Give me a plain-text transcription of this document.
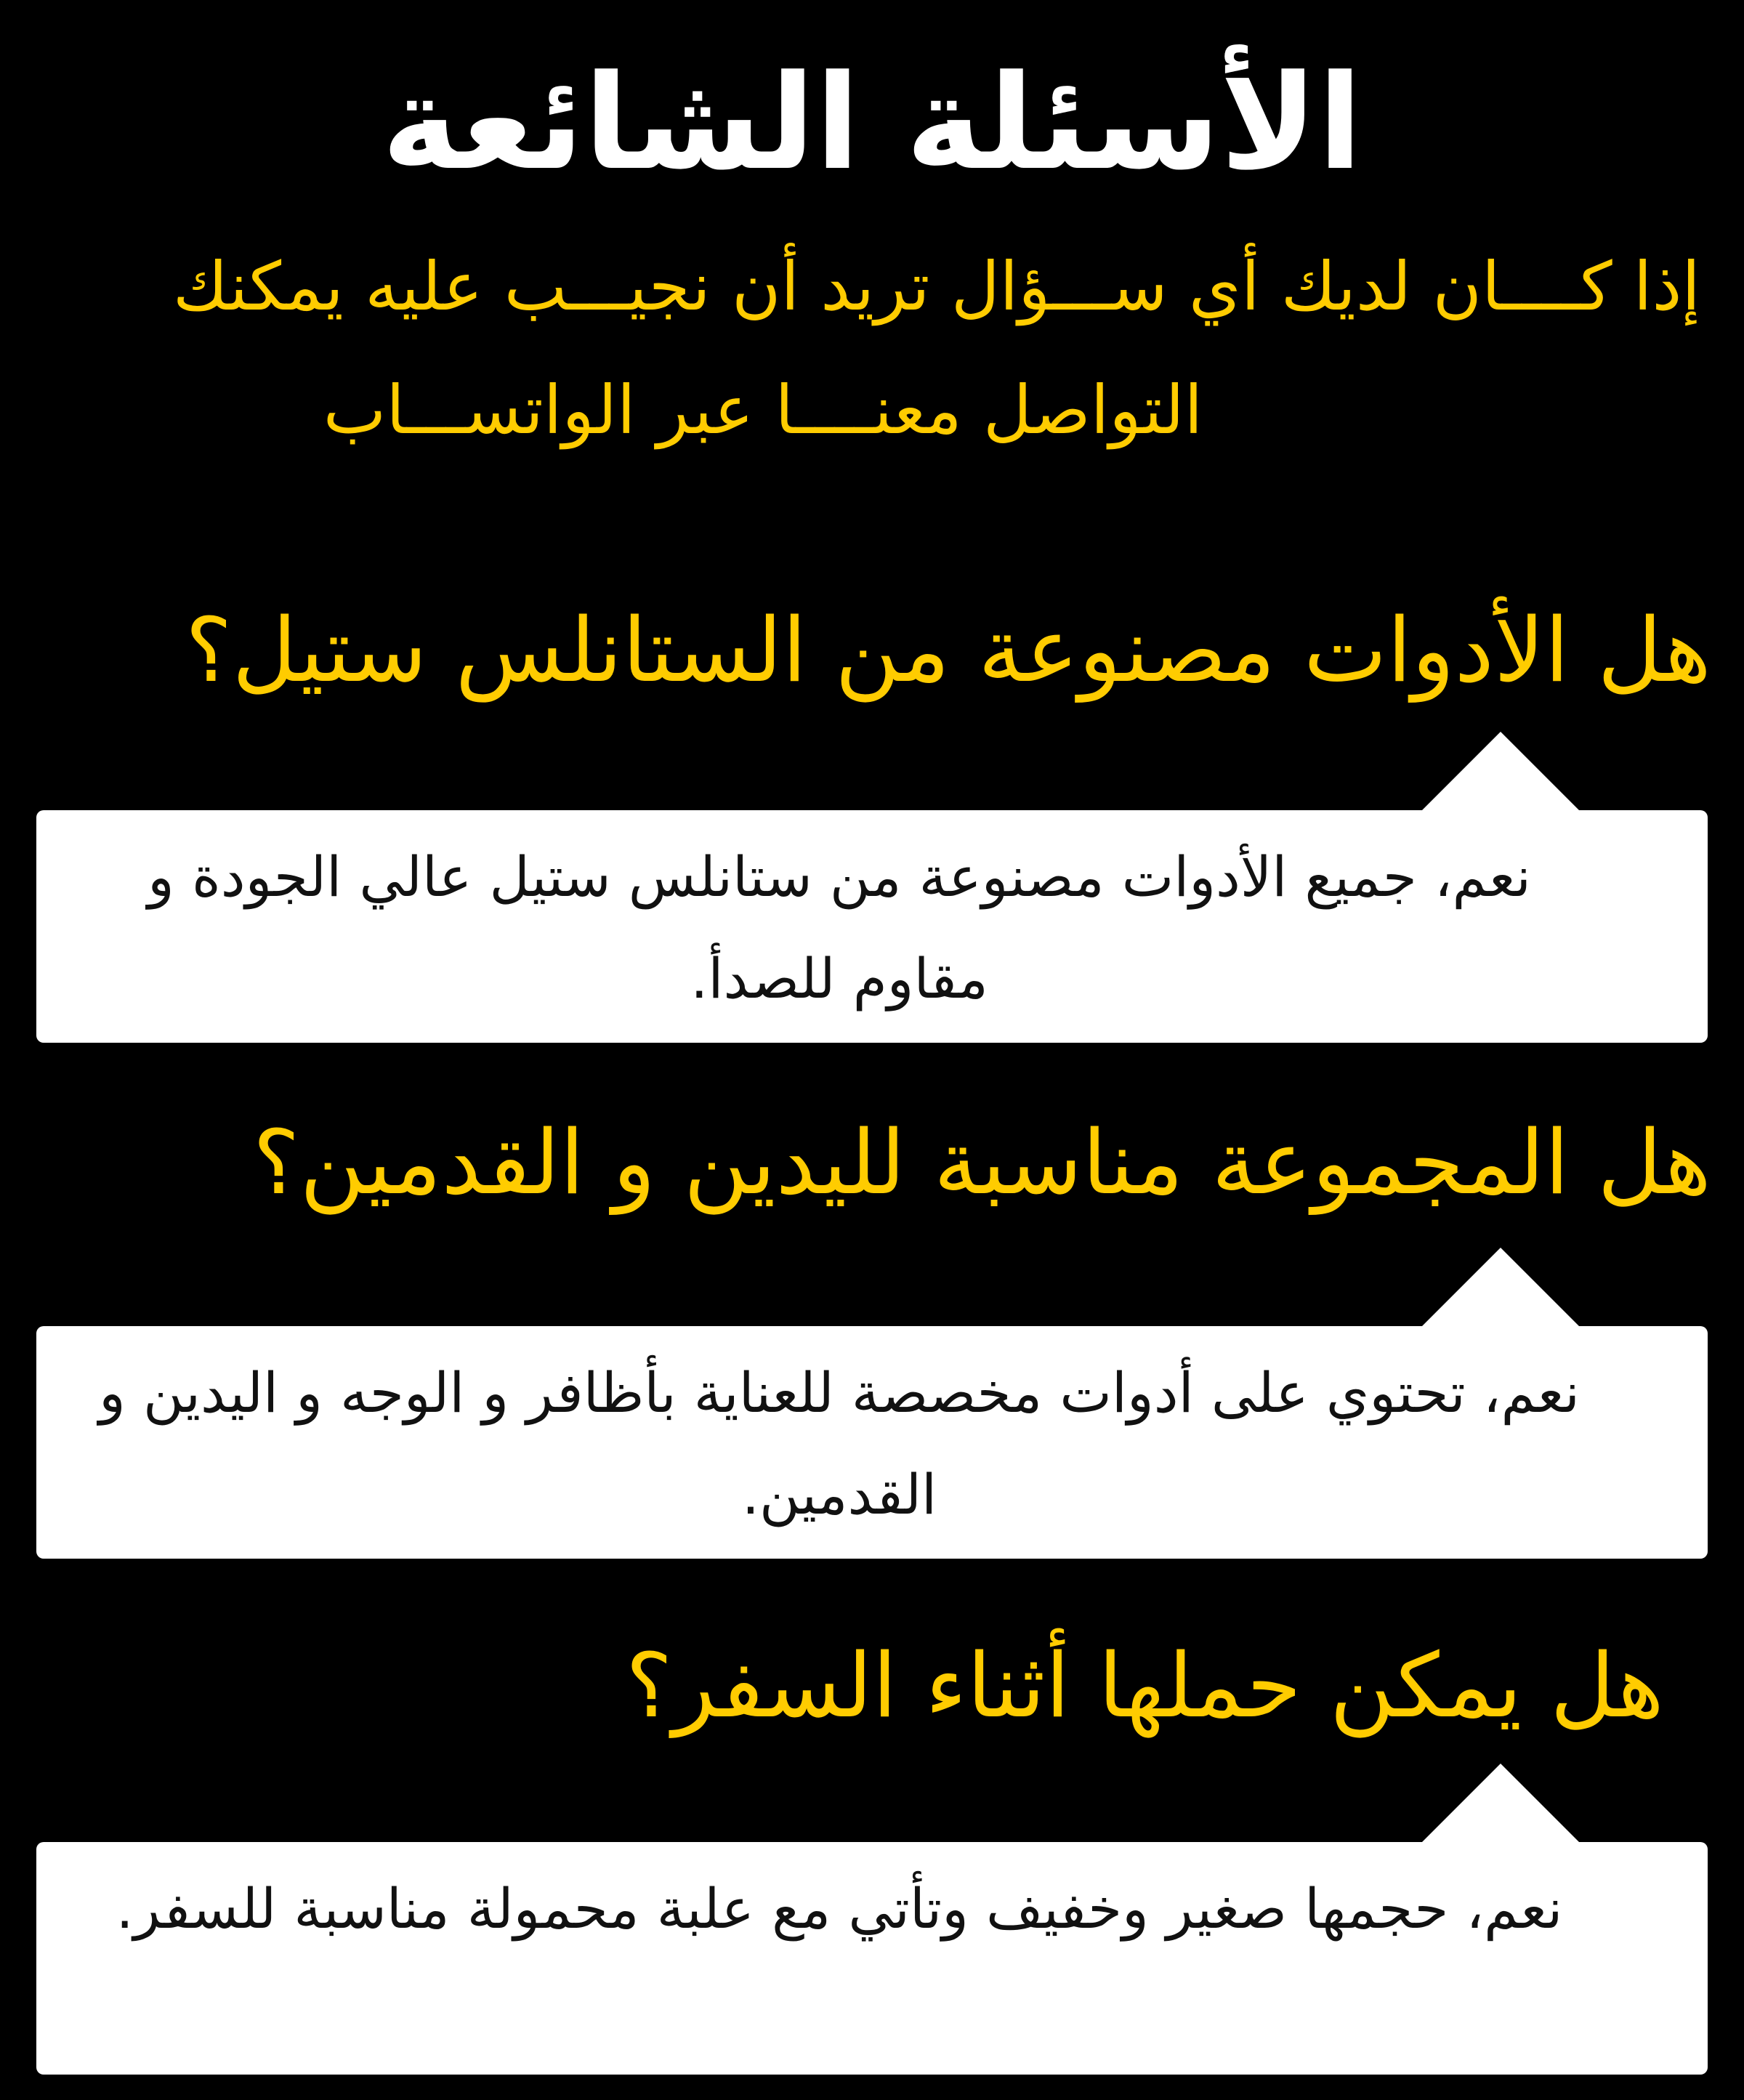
الأسئلة الشائعة
إذا كــــان لديك أي ســـؤال تريد أن نجيـــب عليه يمكنك
التواصل معنــــا عبر الواتســـاب
هل الأدوات مصنوعة من الستانلس ستيل؟
نعم، جميع الأدوات مصنوعة من ستانلس ستيل عالي الجودة و مقاوم للصدأ.
هل المجموعة مناسبة لليدين و القدمين؟
نعم، تحتوي على أدوات مخصصة للعناية بأظافر و الوجه و اليدين و القدمين.
هل يمكن حملها أثناء السفر؟
نعم، حجمها صغير وخفيف وتأتي مع علبة محمولة مناسبة للسفر.
